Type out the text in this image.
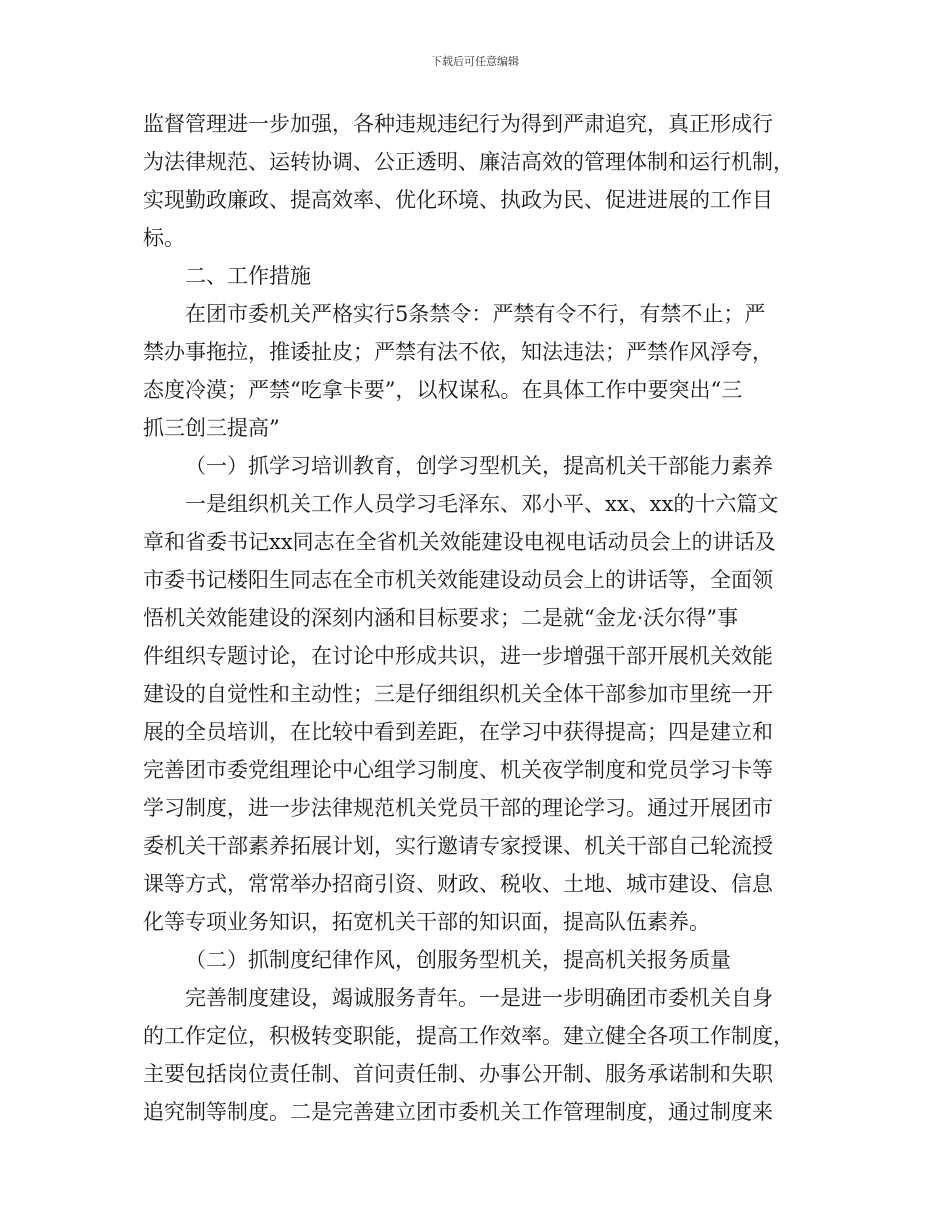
下载后可任意编辑
监督管理进一步加强，各种违规违纪行为得到严肃追究，真正形成行
为法律规范、运转协调、公正透明、廉洁高效的管理体制和运行机制，
实现勤政廉政、提高效率、优化环境、执政为民、促进进展的工作目
标。
二、工作措施
在团市委机关严格实行5条禁令：严禁有令不行，有禁不止；严
禁办事拖拉，推诿扯皮；严禁有法不依，知法违法；严禁作风浮夸，
态度冷漠；严禁“吃拿卡要”，以权谋私。在具体工作中要突出“三
抓三创三提高”
（一）抓学习培训教育，创学习型机关，提高机关干部能力素养
一是组织机关工作人员学习毛泽东、邓小平、xx、xx的十六篇文
章和省委书记xx同志在全省机关效能建设电视电话动员会上的讲话及
市委书记楼阳生同志在全市机关效能建设动员会上的讲话等，全面领
悟机关效能建设的深刻内涵和目标要求；二是就“金龙·沃尔得”事
件组织专题讨论，在讨论中形成共识，进一步增强干部开展机关效能
建设的自觉性和主动性；三是仔细组织机关全体干部参加市里统一开
展的全员培训，在比较中看到差距，在学习中获得提高；四是建立和
完善团市委党组理论中心组学习制度、机关夜学制度和党员学习卡等
学习制度，进一步法律规范机关党员干部的理论学习。通过开展团市
委机关干部素养拓展计划，实行邀请专家授课、机关干部自己轮流授
课等方式，常常举办招商引资、财政、税收、土地、城市建设、信息
化等专项业务知识，拓宽机关干部的知识面，提高队伍素养。
（二）抓制度纪律作风，创服务型机关，提高机关报务质量
完善制度建设，竭诚服务青年。一是进一步明确团市委机关自身
的工作定位，积极转变职能，提高工作效率。建立健全各项工作制度，
主要包括岗位责任制、首问责任制、办事公开制、服务承诺制和失职
追究制等制度。二是完善建立团市委机关工作管理制度，通过制度来
